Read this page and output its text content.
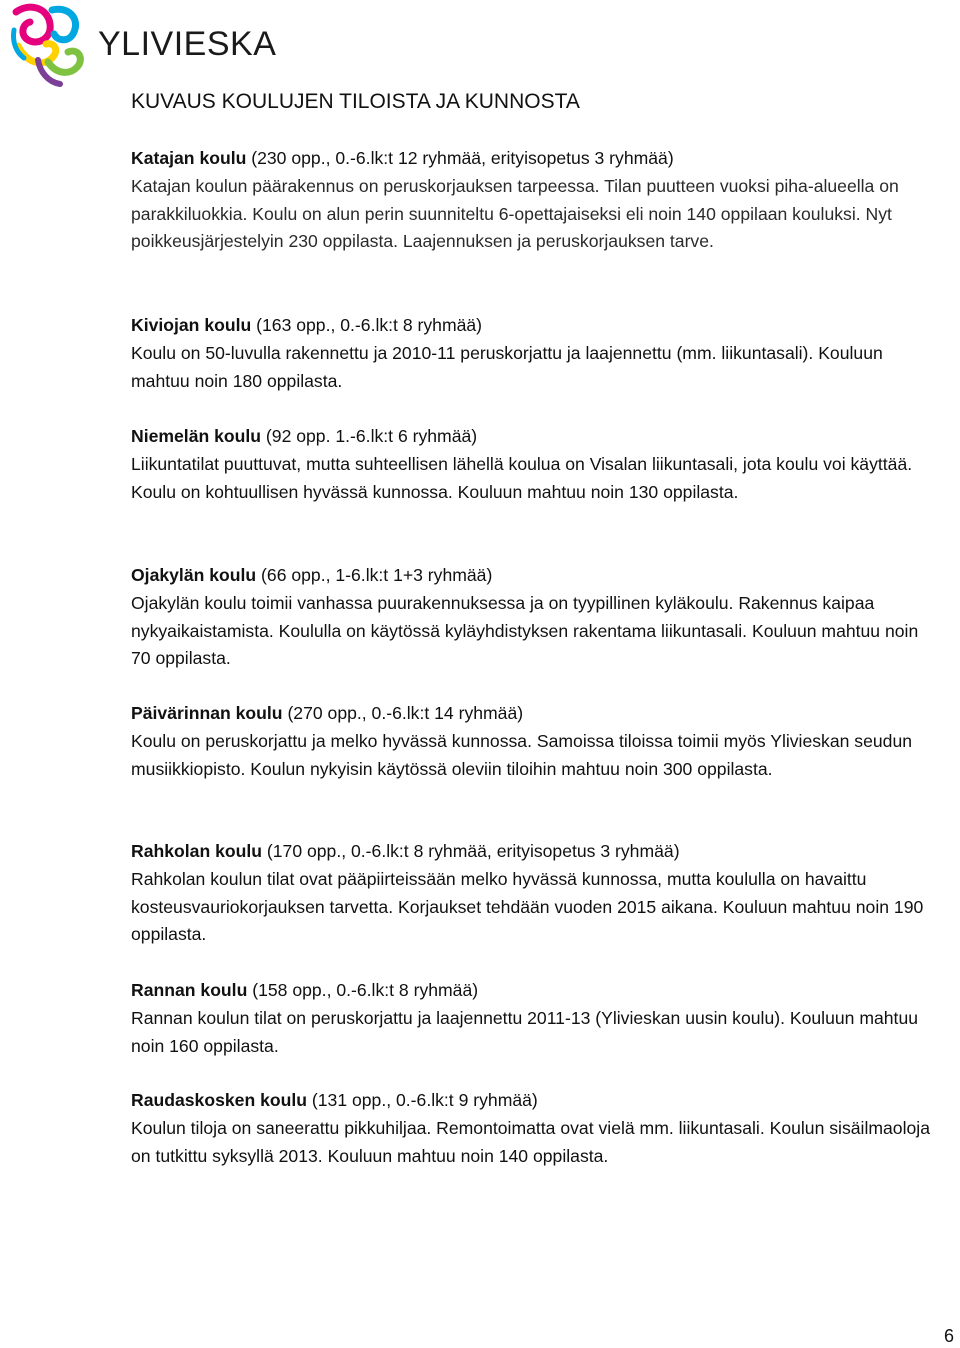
YLIVIESKA
KUVAUS KOULUJEN TILOISTA JA KUNNOSTA

Katajan koulu (230 opp., 0.-6.lk:t 12 ryhmää, erityisopetus 3 ryhmää)

Katajan koulun päärakennus on peruskorjauksen tarpeessa. Tilan puutteen vuoksi piha-alueella on parakkiluokkia. Koulu on alun perin suunniteltu 6-opettajaiseksi eli noin 140 oppilaan kouluksi. Nyt poikkeusjärjestelyin 230 oppilasta. Laajennuksen ja peruskorjauksen tarve.

Kiviojan koulu (163 opp., 0.-6.lk:t 8 ryhmää)

Koulu on 50-luvulla rakennettu ja 2010-11 peruskorjattu ja laajennettu (mm. liikuntasali). Kouluun mahtuu noin 180 oppilasta.

Niemelän koulu (92 opp. 1.-6.lk:t 6 ryhmää)

Liikuntatilat puuttuvat, mutta suhteellisen lähellä koulua on Visalan liikuntasali, jota koulu voi käyttää. Koulu on kohtuullisen hyvässä kunnossa. Kouluun mahtuu noin 130 oppilasta.

Ojakylän koulu (66 opp., 1-6.lk:t 1+3 ryhmää)

Ojakylän koulu toimii vanhassa puurakennuksessa ja on tyypillinen kyläkoulu. Rakennus kaipaa nykyaikaistamista. Koululla on käytössä kyläyhdistyksen rakentama liikuntasali. Kouluun mahtuu noin 70 oppilasta.

Päivärinnan koulu (270 opp., 0.-6.lk:t 14 ryhmää)

Koulu on peruskorjattu ja melko hyvässä kunnossa. Samoissa tiloissa toimii myös Ylivieskan seudun musiikkiopisto. Koulun nykyisin käytössä oleviin tiloihin mahtuu noin 300 oppilasta.

Rahkolan koulu (170 opp., 0.-6.lk:t 8 ryhmää, erityisopetus 3 ryhmää)

Rahkolan koulun tilat ovat pääpiirteissään melko hyvässä kunnossa, mutta koululla on havaittu kosteusvauriokorjauksen tarvetta. Korjaukset tehdään vuoden 2015 aikana. Kouluun mahtuu noin 190 oppilasta.

Rannan koulu (158 opp., 0.-6.lk:t 8 ryhmää)

Rannan koulun tilat on peruskorjattu ja laajennettu 2011-13 (Ylivieskan uusin koulu). Kouluun mahtuu noin 160 oppilasta.

Raudaskosken koulu (131 opp., 0.-6.lk:t 9 ryhmää)

Koulun tiloja on saneerattu pikkuhiljaa. Remontoimatta ovat vielä mm. liikuntasali. Koulun sisäilmaoloja on tutkittu syksyllä 2013. Kouluun mahtuu noin 140 oppilasta.

6
